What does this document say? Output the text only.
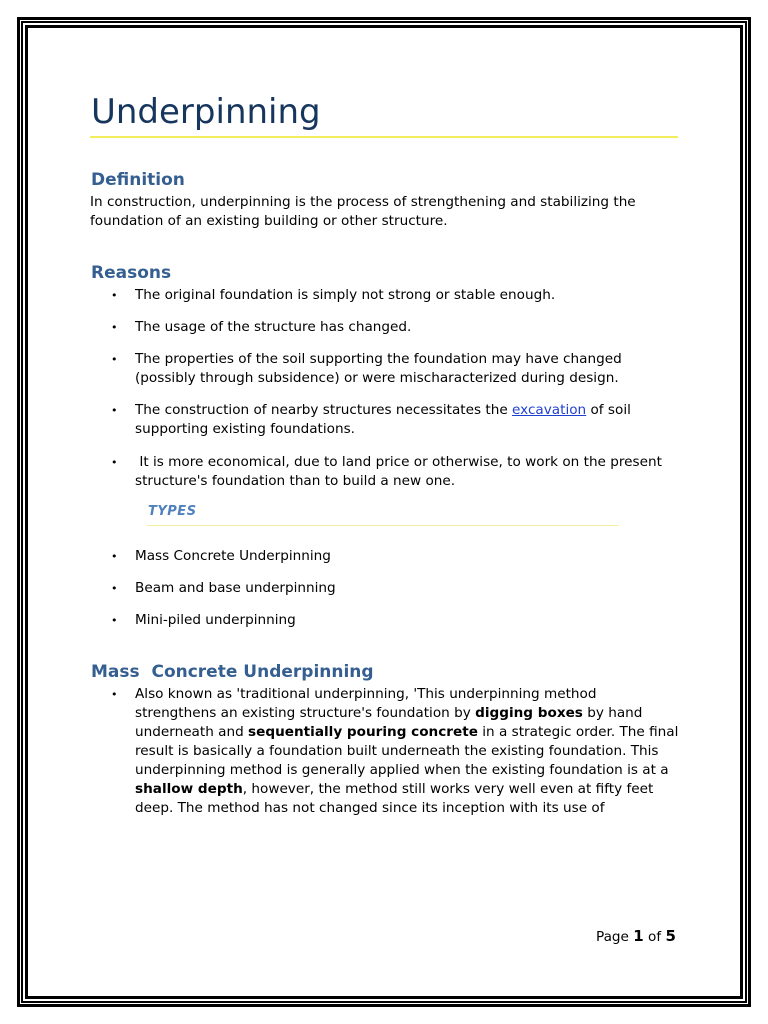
Underpinning
Definition

In construction, underpinning is the process of strengthening and stabilizing the foundation of an existing building or other structure.

Reasons
• The original foundation is simply not strong or stable enough.
• The usage of the structure has changed.
• The properties of the soil supporting the foundation may have changed (possibly through subsidence) or were mischaracterized during design.
• The construction of nearby structures necessitates the excavation of soil supporting existing foundations.
• It is more economical, due to land price or otherwise, to work on the present structure's foundation than to build a new one.
TYPES
• Mass Concrete Underpinning
• Beam and base underpinning
• Mini-piled underpinning
Mass  Concrete Underpinning
• Also known as 'traditional underpinning, 'This underpinning method strengthens an existing structure's foundation by digging boxes by hand underneath and sequentially pouring concrete in a strategic order. The final result is basically a foundation built underneath the existing foundation. This underpinning method is generally applied when the existing foundation is at a shallow depth, however, the method still works very well even at fifty feet deep. The method has not changed since its inception with its use of
Page 1 of 5
